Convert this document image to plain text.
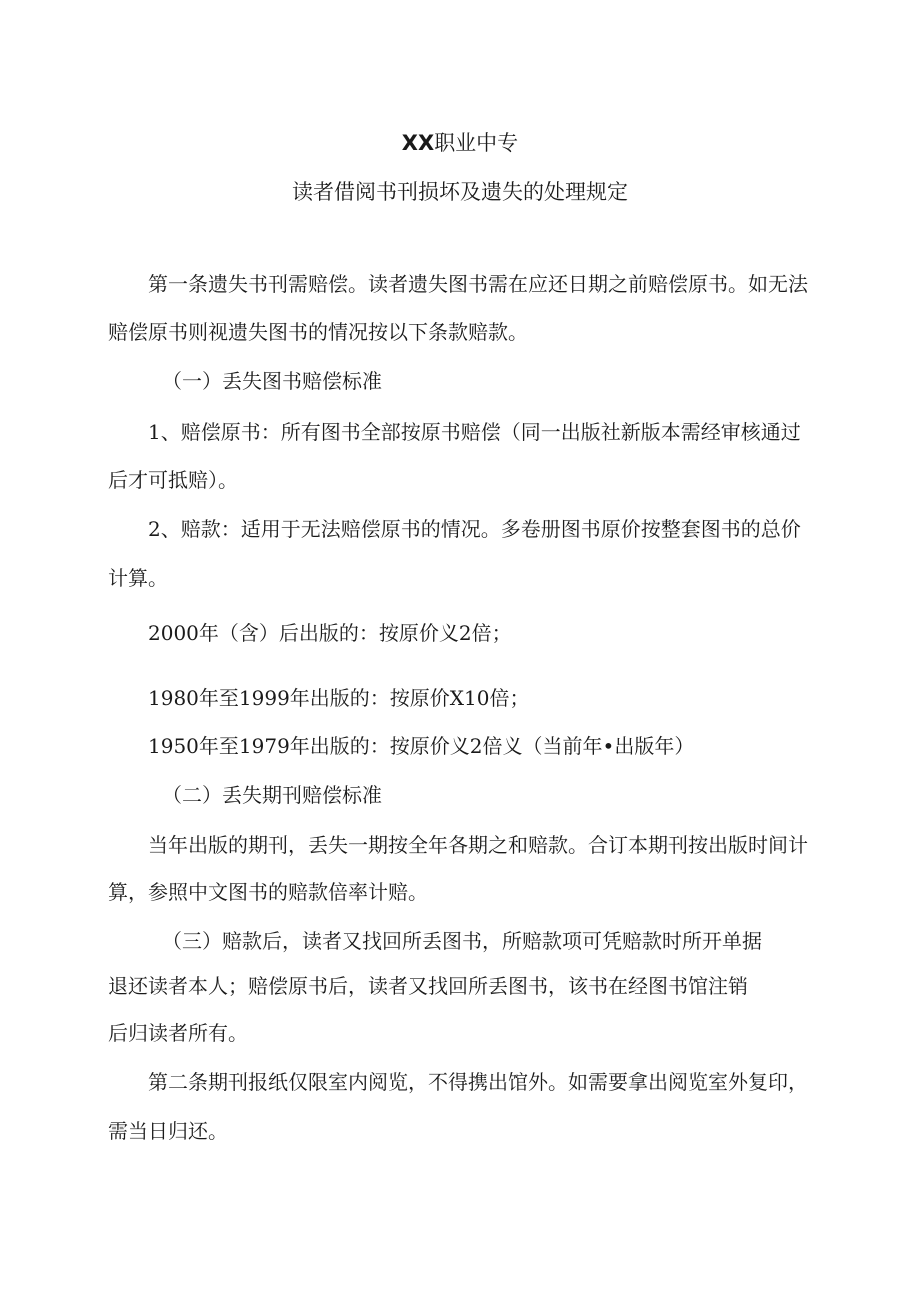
XX职业中专
读者借阅书刊损坏及遗失的处理规定
第一条遗失书刊需赔偿。读者遗失图书需在应还日期之前赔偿原书。如无法
赔偿原书则视遗失图书的情况按以下条款赔款。
（一）丢失图书赔偿标准
1、赔偿原书：所有图书全部按原书赔偿（同一出版社新版本需经审核通过
后才可抵赔）。
2、赔款：适用于无法赔偿原书的情况。多卷册图书原价按整套图书的总价
计算。
2000年（含）后出版的：按原价义2倍；
1980年至1999年出版的：按原价X10倍；
1950年至1979年出版的：按原价义2倍义（当前年•出版年）
（二）丢失期刊赔偿标准
当年出版的期刊，丢失一期按全年各期之和赔款。合订本期刊按出版时间计
算，参照中文图书的赔款倍率计赔。
（三）赔款后，读者又找回所丢图书，所赔款项可凭赔款时所开单据
退还读者本人；赔偿原书后，读者又找回所丢图书，该书在经图书馆注销
后归读者所有。
第二条期刊报纸仅限室内阅览，不得携出馆外。如需要拿出阅览室外复印，
需当日归还。
